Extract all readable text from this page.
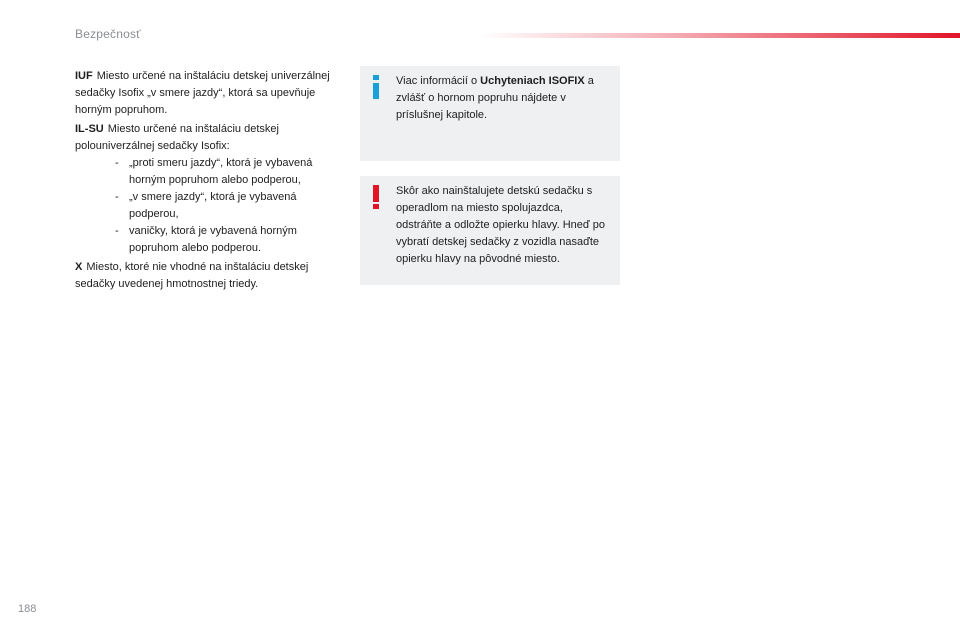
Bezpečnosť
IUF Miesto určené na inštaláciu detskej univerzálnej sedačky Isofix „v smere jazdy“, ktorá sa upevňuje horným popruhom.
IL-SU Miesto určené na inštaláciu detskej polouniverzálnej sedačky Isofix:
- „proti smeru jazdy“, ktorá je vybavená horným popruhom alebo podperou,
- „v smere jazdy“, ktorá je vybavená podperou,
- vaničky, ktorá je vybavená horným popruhom alebo podperou.
X Miesto, ktoré nie vhodné na inštaláciu detskej sedačky uvedenej hmotnostnej triedy.
Viac informácií o Uchyteniach ISOFIX a zvlášť o hornom popruhu nájdete v príslušnej kapitole.
Skôr ako nainštalujete detskú sedačku s operadlom na miesto spolujazdca, odstráňte a odložte opierku hlavy. Hneď po vybratí detskej sedačky z vozidla nasaďte opierku hlavy na pôvodné miesto.
188
